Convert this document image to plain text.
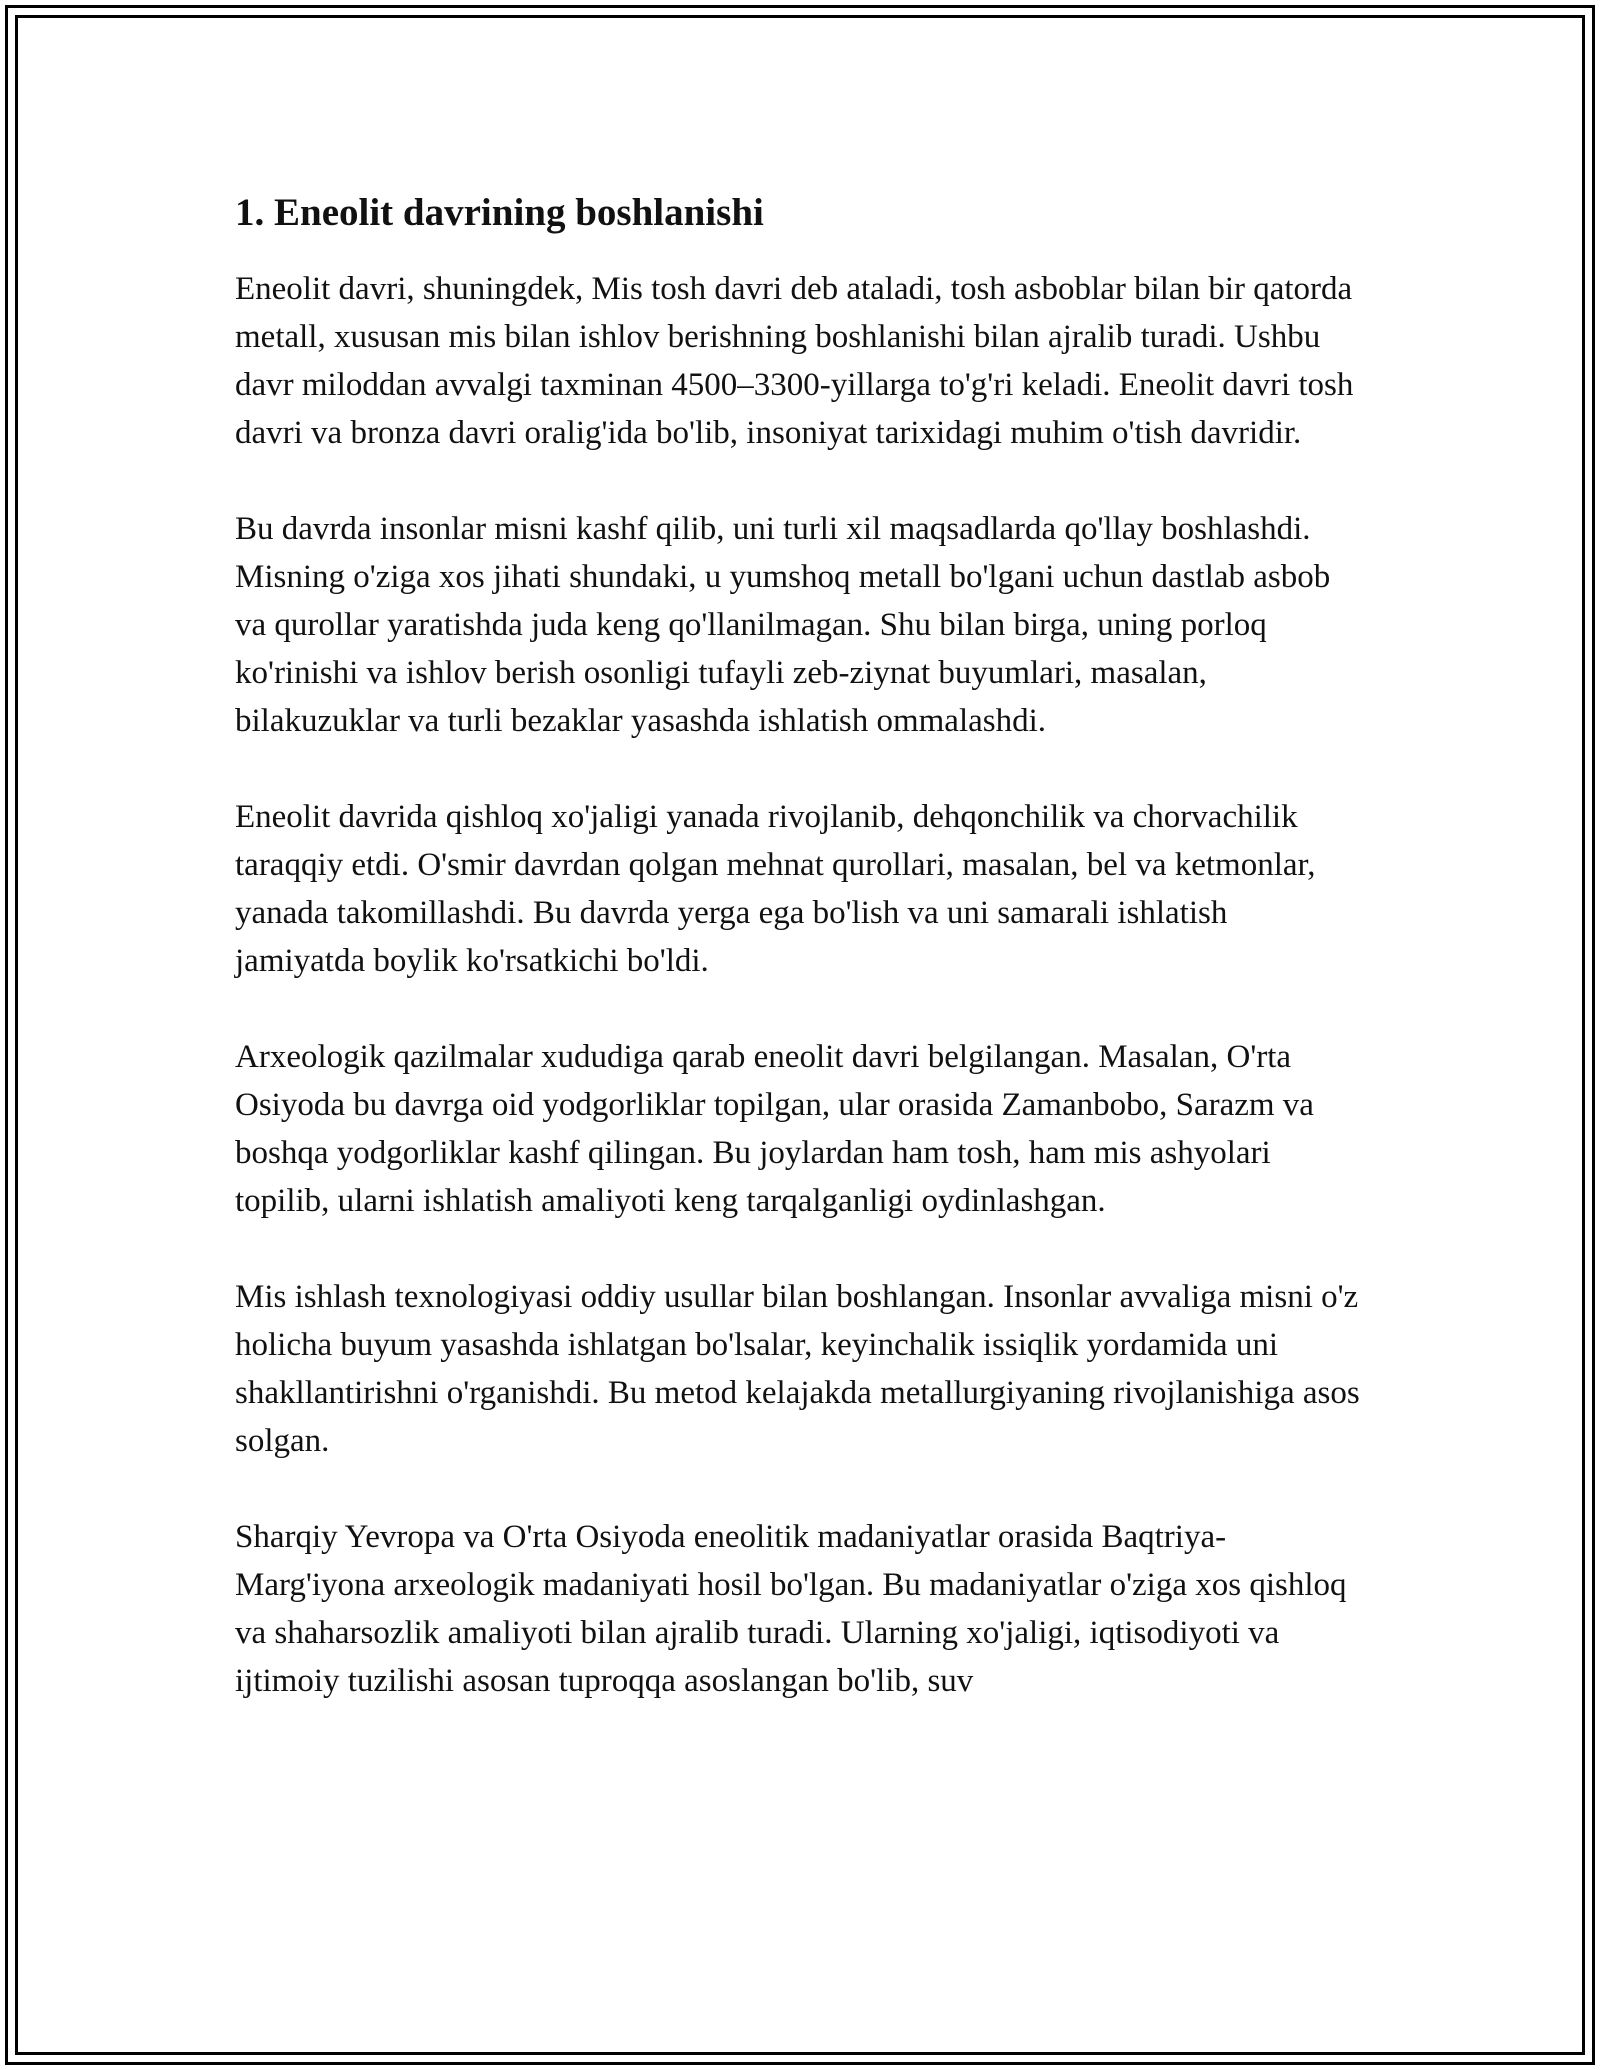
1. Eneolit davrining boshlanishi

Eneolit davri, shuningdek, Mis tosh davri deb ataladi, tosh asboblar bilan bir qatorda metall, xususan mis bilan ishlov berishning boshlanishi bilan ajralib turadi. Ushbu davr miloddan avvalgi taxminan 4500–3300-yillarga to'g'ri keladi. Eneolit davri tosh davri va bronza davri oralig'ida bo'lib, insoniyat tarixidagi muhim o'tish davridir.

Bu davrda insonlar misni kashf qilib, uni turli xil maqsadlarda qo'llay boshlashdi. Misning o'ziga xos jihati shundaki, u yumshoq metall bo'lgani uchun dastlab asbob va qurollar yaratishda juda keng qo'llanilmagan. Shu bilan birga, uning porloq ko'rinishi va ishlov berish osonligi tufayli zeb-ziynat buyumlari, masalan, bilakuzuklar va turli bezaklar yasashda ishlatish ommalashdi.

Eneolit davrida qishloq xo'jaligi yanada rivojlanib, dehqonchilik va chorvachilik taraqqiy etdi. O'smir davrdan qolgan mehnat qurollari, masalan, bel va ketmonlar, yanada takomillashdi. Bu davrda yerga ega bo'lish va uni samarali ishlatish jamiyatda boylik ko'rsatkichi bo'ldi.

Arxeologik qazilmalar xududiga qarab eneolit davri belgilangan. Masalan, O'rta Osiyoda bu davrga oid yodgorliklar topilgan, ular orasida Zamanbobo, Sarazm va boshqa yodgorliklar kashf qilingan. Bu joylardan ham tosh, ham mis ashyolari topilib, ularni ishlatish amaliyoti keng tarqalganligi oydinlashgan.

Mis ishlash texnologiyasi oddiy usullar bilan boshlangan. Insonlar avvaliga misni o'z holicha buyum yasashda ishlatgan bo'lsalar, keyinchalik issiqlik yordamida uni shakllantirishni o'rganishdi. Bu metod kelajakda metallurgiyaning rivojlanishiga asos solgan.

Sharqiy Yevropa va O'rta Osiyoda eneolitik madaniyatlar orasida Baqtriya-Marg'iyona arxeologik madaniyati hosil bo'lgan. Bu madaniyatlar o'ziga xos qishloq va shaharsozlik amaliyoti bilan ajralib turadi. Ularning xo'jaligi, iqtisodiyoti va ijtimoiy tuzilishi asosan tuproqqa asoslangan bo'lib, suv
